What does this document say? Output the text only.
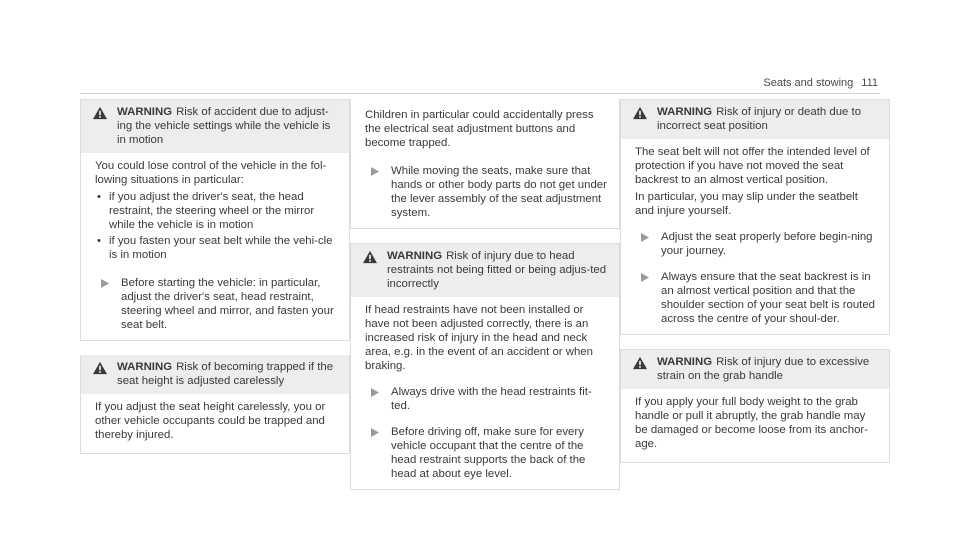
Seats and stowing 111
WARNING Risk of accident due to adjust-ing the vehicle settings while the vehicle is in motion

You could lose control of the vehicle in the fol-lowing situations in particular:

• if you adjust the driver's seat, the head restraint, the steering wheel or the mirror while the vehicle is in motion
• if you fasten your seat belt while the vehi-cle is in motion
Before starting the vehicle: in particular, adjust the driver's seat, head restraint, steering wheel and mirror, and fasten your seat belt.
WARNING Risk of becoming trapped if the seat height is adjusted carelessly

If you adjust the seat height carelessly, you or other vehicle occupants could be trapped and thereby injured.

Children in particular could accidentally press the electrical seat adjustment buttons and become trapped.

While moving the seats, make sure that hands or other body parts do not get under the lever assembly of the seat adjustment system.
WARNING Risk of injury due to head restraints not being fitted or being adjus-ted incorrectly

If head restraints have not been installed or have not been adjusted correctly, there is an increased risk of injury in the head and neck area, e.g. in the event of an accident or when braking.

Always drive with the head restraints fit-ted.
Before driving off, make sure for every vehicle occupant that the centre of the head restraint supports the back of the head at about eye level.
WARNING Risk of injury or death due to incorrect seat position

The seat belt will not offer the intended level of protection if you have not moved the seat backrest to an almost vertical position.

In particular, you may slip under the seatbelt and injure yourself.

Adjust the seat properly before begin-ning your journey.
Always ensure that the seat backrest is in an almost vertical position and that the shoulder section of your seat belt is routed across the centre of your shoul-der.
WARNING Risk of injury due to excessive strain on the grab handle

If you apply your full body weight to the grab handle or pull it abruptly, the grab handle may be damaged or become loose from its anchor-age.
